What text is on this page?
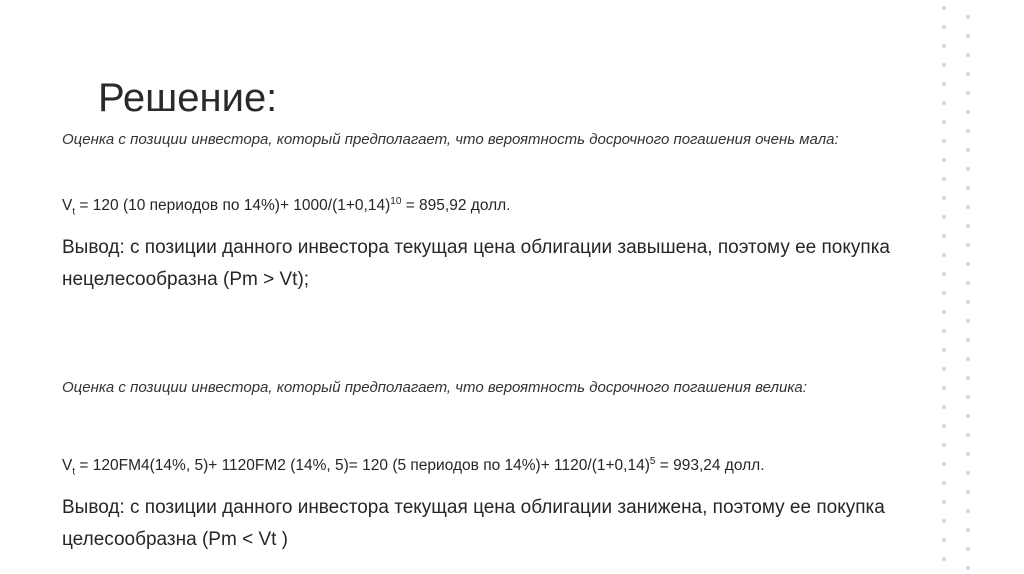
Решение:

Оценка с позиции инвестора, который предполагает, что вероятность досрочного погашения очень мала:

$V_t = 120$ (10 периодов по $14\%)+ 1000/(1+0,14)^{10} = 895,92$ долл.

Вывод: с позиции данного инвестора текущая цена облигации завышена, поэтому ее покупка нецелесообразна (Pm > Vt);

Оценка с позиции инвестора, который предполагает, что вероятность досрочного погашения велика:

$V_t = 120FM4(14\%$, 5)+ 1120FM2 (14%, 5)= 120 (5 периодов по $14\%)+ 1120/(1+0,14)^5 = 993,24$ долл.

Вывод: с позиции данного инвестора текущая цена облигации занижена, поэтому ее покупка целесообразна (Pm < Vt )
